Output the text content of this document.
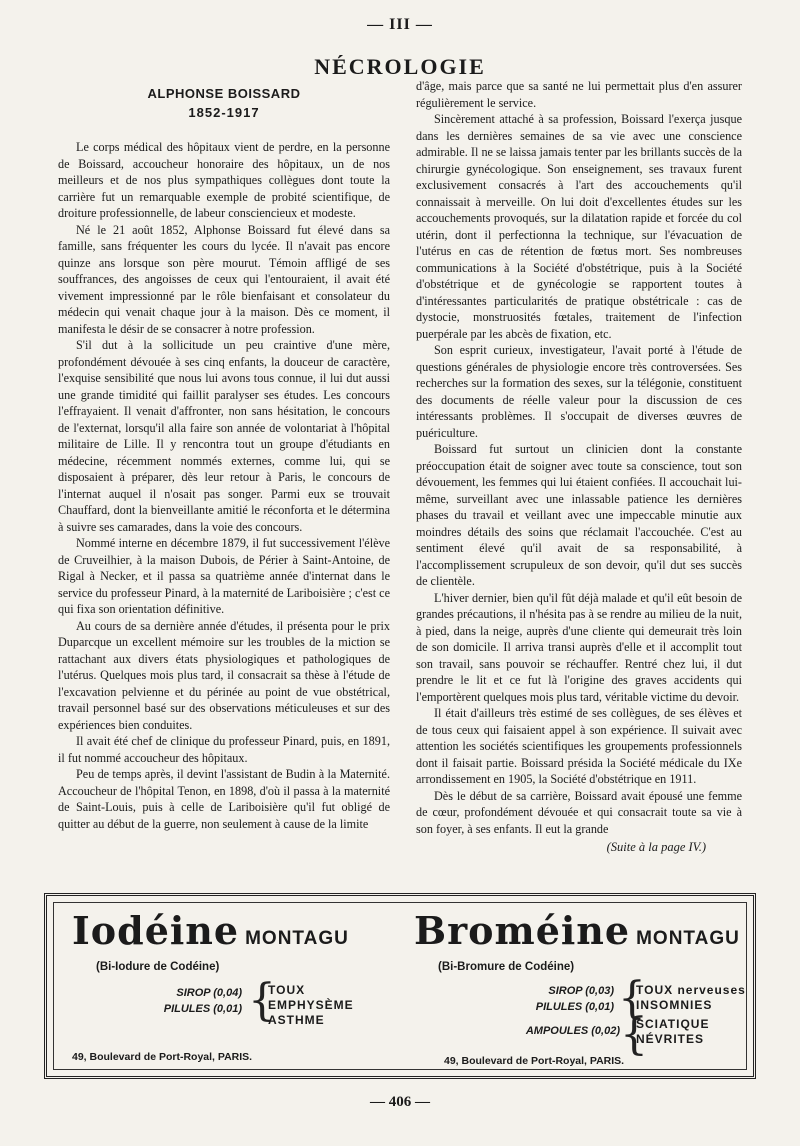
— III —
NÉCROLOGIE
ALPHONSE BOISSARD
1852-1917

Le corps médical des hôpitaux vient de perdre, en la personne de Boissard, accoucheur honoraire des hôpitaux, un de nos meilleurs et de nos plus sympathiques collègues dont toute la carrière fut un remarquable exemple de probité scientifique, de droiture professionnelle, de labeur consciencieux et modeste.

Né le 21 août 1852, Alphonse Boissard fut élevé dans sa famille, sans fréquenter les cours du lycée. Il n'avait pas encore quinze ans lorsque son père mourut. Témoin affligé de ses souffrances, des angoisses de ceux qui l'entouraient, il avait été vivement impressionné par le rôle bienfaisant et consolateur du médecin qui venait chaque jour à la maison. Dès ce moment, il manifesta le désir de se consacrer à notre profession.

S'il dut à la sollicitude un peu craintive d'une mère, profondément dévouée à ses cinq enfants, la douceur de caractère, l'exquise sensibilité que nous lui avons tous connue, il lui dut aussi une grande timidité qui faillit paralyser ses études. Les concours l'effrayaient. Il venait d'affronter, non sans hésitation, le concours de l'externat, lorsqu'il alla faire son année de volontariat à l'hôpital militaire de Lille. Il y rencontra tout un groupe d'étudiants en médecine, récemment nommés externes, comme lui, qui se disposaient à préparer, dès leur retour à Paris, le concours de l'internat auquel il n'osait pas songer. Parmi eux se trouvait Chauffard, dont la bienveillante amitié le réconforta et le détermina à suivre ses camarades, dans la voie des concours.

Nommé interne en décembre 1879, il fut successivement l'élève de Cruveilhier, à la maison Dubois, de Périer à Saint-Antoine, de Rigal à Necker, et il passa sa quatrième année d'internat dans le service du professeur Pinard, à la maternité de Lariboisière ; c'est ce qui fixa son orientation définitive.

Au cours de sa dernière année d'études, il présenta pour le prix Duparcque un excellent mémoire sur les troubles de la miction se rattachant aux divers états physiologiques et pathologiques de l'utérus. Quelques mois plus tard, il consacrait sa thèse à l'étude de l'excavation pelvienne et du périnée au point de vue obstétrical, travail personnel basé sur des observations méticuleuses et sur des expériences bien conduites.

Il avait été chef de clinique du professeur Pinard, puis, en 1891, il fut nommé accoucheur des hôpitaux.

Peu de temps après, il devint l'assistant de Budin à la Maternité. Accoucheur de l'hôpital Tenon, en 1898, d'où il passa à la maternité de Saint-Louis, puis à celle de Lariboisière qu'il fut obligé de quitter au début de la guerre, non seulement à cause de la limite

d'âge, mais parce que sa santé ne lui permettait plus d'en assurer régulièrement le service.

Sincèrement attaché à sa profession, Boissard l'exerça jusque dans les dernières semaines de sa vie avec une conscience admirable. Il ne se laissa jamais tenter par les brillants succès de la chirurgie gynécologique. Son enseignement, ses travaux furent exclusivement consacrés à l'art des accouchements qu'il connaissait à merveille. On lui doit d'excellentes études sur les accouchements provoqués, sur la dilatation rapide et forcée du col utérin, dont il perfectionna la technique, sur l'évacuation de l'utérus en cas de rétention de fœtus mort. Ses nombreuses communications à la Société d'obstétrique, puis à la Société d'obstétrique et de gynécologie se rapportent toutes à d'intéressantes particularités de pratique obstétricale : cas de dystocie, monstruosités fœtales, traitement de l'infection puerpérale par les abcès de fixation, etc.

Son esprit curieux, investigateur, l'avait porté à l'étude de questions générales de physiologie encore très controversées. Ses recherches sur la formation des sexes, sur la télégonie, constituent des documents de réelle valeur pour la discussion de ces intéressants problèmes. Il s'occupait de diverses œuvres de puériculture.

Boissard fut surtout un clinicien dont la constante préoccupation était de soigner avec toute sa conscience, tout son dévouement, les femmes qui lui étaient confiées. Il accouchait lui-même, surveillant avec une inlassable patience les dernières phases du travail et veillant avec une impeccable minutie aux moindres détails des soins que réclamait l'accouchée. C'est au sentiment élevé qu'il avait de sa responsabilité, à l'accomplissement scrupuleux de son devoir, qu'il dut ses succès de clientèle.

L'hiver dernier, bien qu'il fût déjà malade et qu'il eût besoin de grandes précautions, il n'hésita pas à se rendre au milieu de la nuit, à pied, dans la neige, auprès d'une cliente qui demeurait très loin de son domicile. Il arriva transi auprès d'elle et il accomplit tout son travail, sans pouvoir se réchauffer. Rentré chez lui, il dut prendre le lit et ce fut là l'origine des graves accidents qui l'emportèrent quelques mois plus tard, véritable victime du devoir.

Il était d'ailleurs très estimé de ses collègues, de ses élèves et de tous ceux qui faisaient appel à son expérience. Il suivait avec attention les sociétés scientifiques les groupements professionnels dont il faisait partie. Boissard présida la Société médicale du IXe arrondissement en 1905, la Société d'obstétrique en 1911.

Dès le début de sa carrière, Boissard avait épousé une femme de cœur, profondément dévouée et qui consacrait toute sa vie à son foyer, à ses enfants. Il eut la grande

(Suite à la page IV.)
Iodéine MONTAGU
(Bi-Iodure de Codéine)
SIROP (0,04)
PILULES (0,01) {
TOUX
EMPHYSÈME
ASTHME
49, Boulevard de Port-Royal, PARIS.
Broméine MONTAGU
(Bi-Bromure de Codéine)
SIROP (0,03)
PILULES (0,01) {
TOUX nerveuses
INSOMNIES
AMPOULES (0,02) {
SCIATIQUE
NÉVRITES
49, Boulevard de Port-Royal, PARIS.
— 406 —
